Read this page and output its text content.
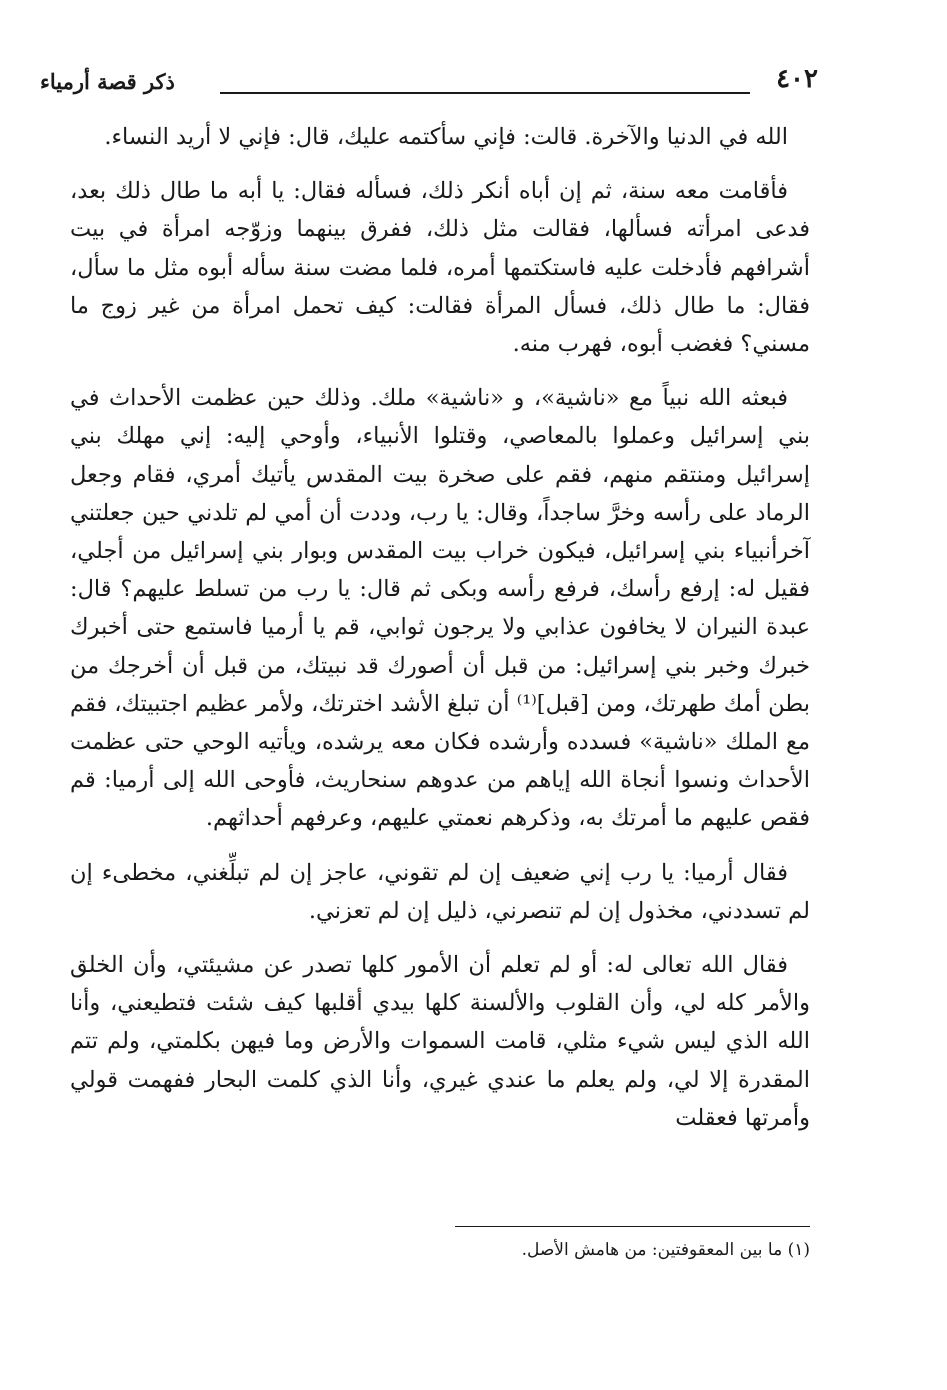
٤٠٢
ذكر قصة أرمياء

الله في الدنيا والآخرة. قالت: فإني سأكتمه عليك، قال: فإني لا أريد النساء.

فأقامت معه سنة، ثم إن أباه أنكر ذلك، فسأله فقال: يا أبه ما طال ذلك بعد، فدعى امرأته فسألها، فقالت مثل ذلك، ففرق بينهما وزوّجه امرأة في بيت أشرافهم فأدخلت عليه فاستكتمها أمره، فلما مضت سنة سأله أبوه مثل ما سأل، فقال: ما طال ذلك، فسأل المرأة فقالت: كيف تحمل امرأة من غير زوج ما مسني؟ فغضب أبوه، فهرب منه.

فبعثه الله نبياً مع «ناشية»، و «ناشية» ملك. وذلك حين عظمت الأحداث في بني إسرائيل وعملوا بالمعاصي، وقتلوا الأنبياء، وأوحي إليه: إني مهلك بني إسرائيل ومنتقم منهم، فقم على صخرة بيت المقدس يأتيك أمري، فقام وجعل الرماد على رأسه وخرَّ ساجداً، وقال: يا رب، وددت أن أمي لم تلدني حين جعلتني آخرأنبياء بني إسرائيل، فيكون خراب بيت المقدس وبوار بني إسرائيل من أجلي، فقيل له: إرفع رأسك، فرفع رأسه وبكى ثم قال: يا رب من تسلط عليهم؟ قال: عبدة النيران لا يخافون عذابي ولا يرجون ثوابي، قم يا أرميا فاستمع حتى أخبرك خبرك وخبر بني إسرائيل: من قبل أن أصورك قد نبيتك، من قبل أن أخرجك من بطن أمك طهرتك، ومن [قبل]⁽¹⁾ أن تبلغ الأشد اخترتك، ولأمر عظيم اجتبيتك، فقم مع الملك «ناشية» فسدده وأرشده فكان معه يرشده، ويأتيه الوحي حتى عظمت الأحداث ونسوا أنجاة الله إياهم من عدوهم سنحاريث، فأوحى الله إلى أرميا: قم فقص عليهم ما أمرتك به، وذكرهم نعمتي عليهم، وعرفهم أحداثهم.

فقال أرميا: يا رب إني ضعيف إن لم تقوني، عاجز إن لم تبلِّغني، مخطىء إن لم تسددني، مخذول إن لم تنصرني، ذليل إن لم تعزني.

فقال الله تعالى له: أو لم تعلم أن الأمور كلها تصدر عن مشيئتي، وأن الخلق والأمر كله لي، وأن القلوب والألسنة كلها بيدي أقلبها كيف شئت فتطيعني، وأنا الله الذي ليس شيء مثلي، قامت السموات والأرض وما فيهن بكلمتي، ولم تتم المقدرة إلا لي، ولم يعلم ما عندي غيري، وأنا الذي كلمت البحار ففهمت قولي وأمرتها فعقلت

(١) ما بين المعقوفتين: من هامش الأصل.
